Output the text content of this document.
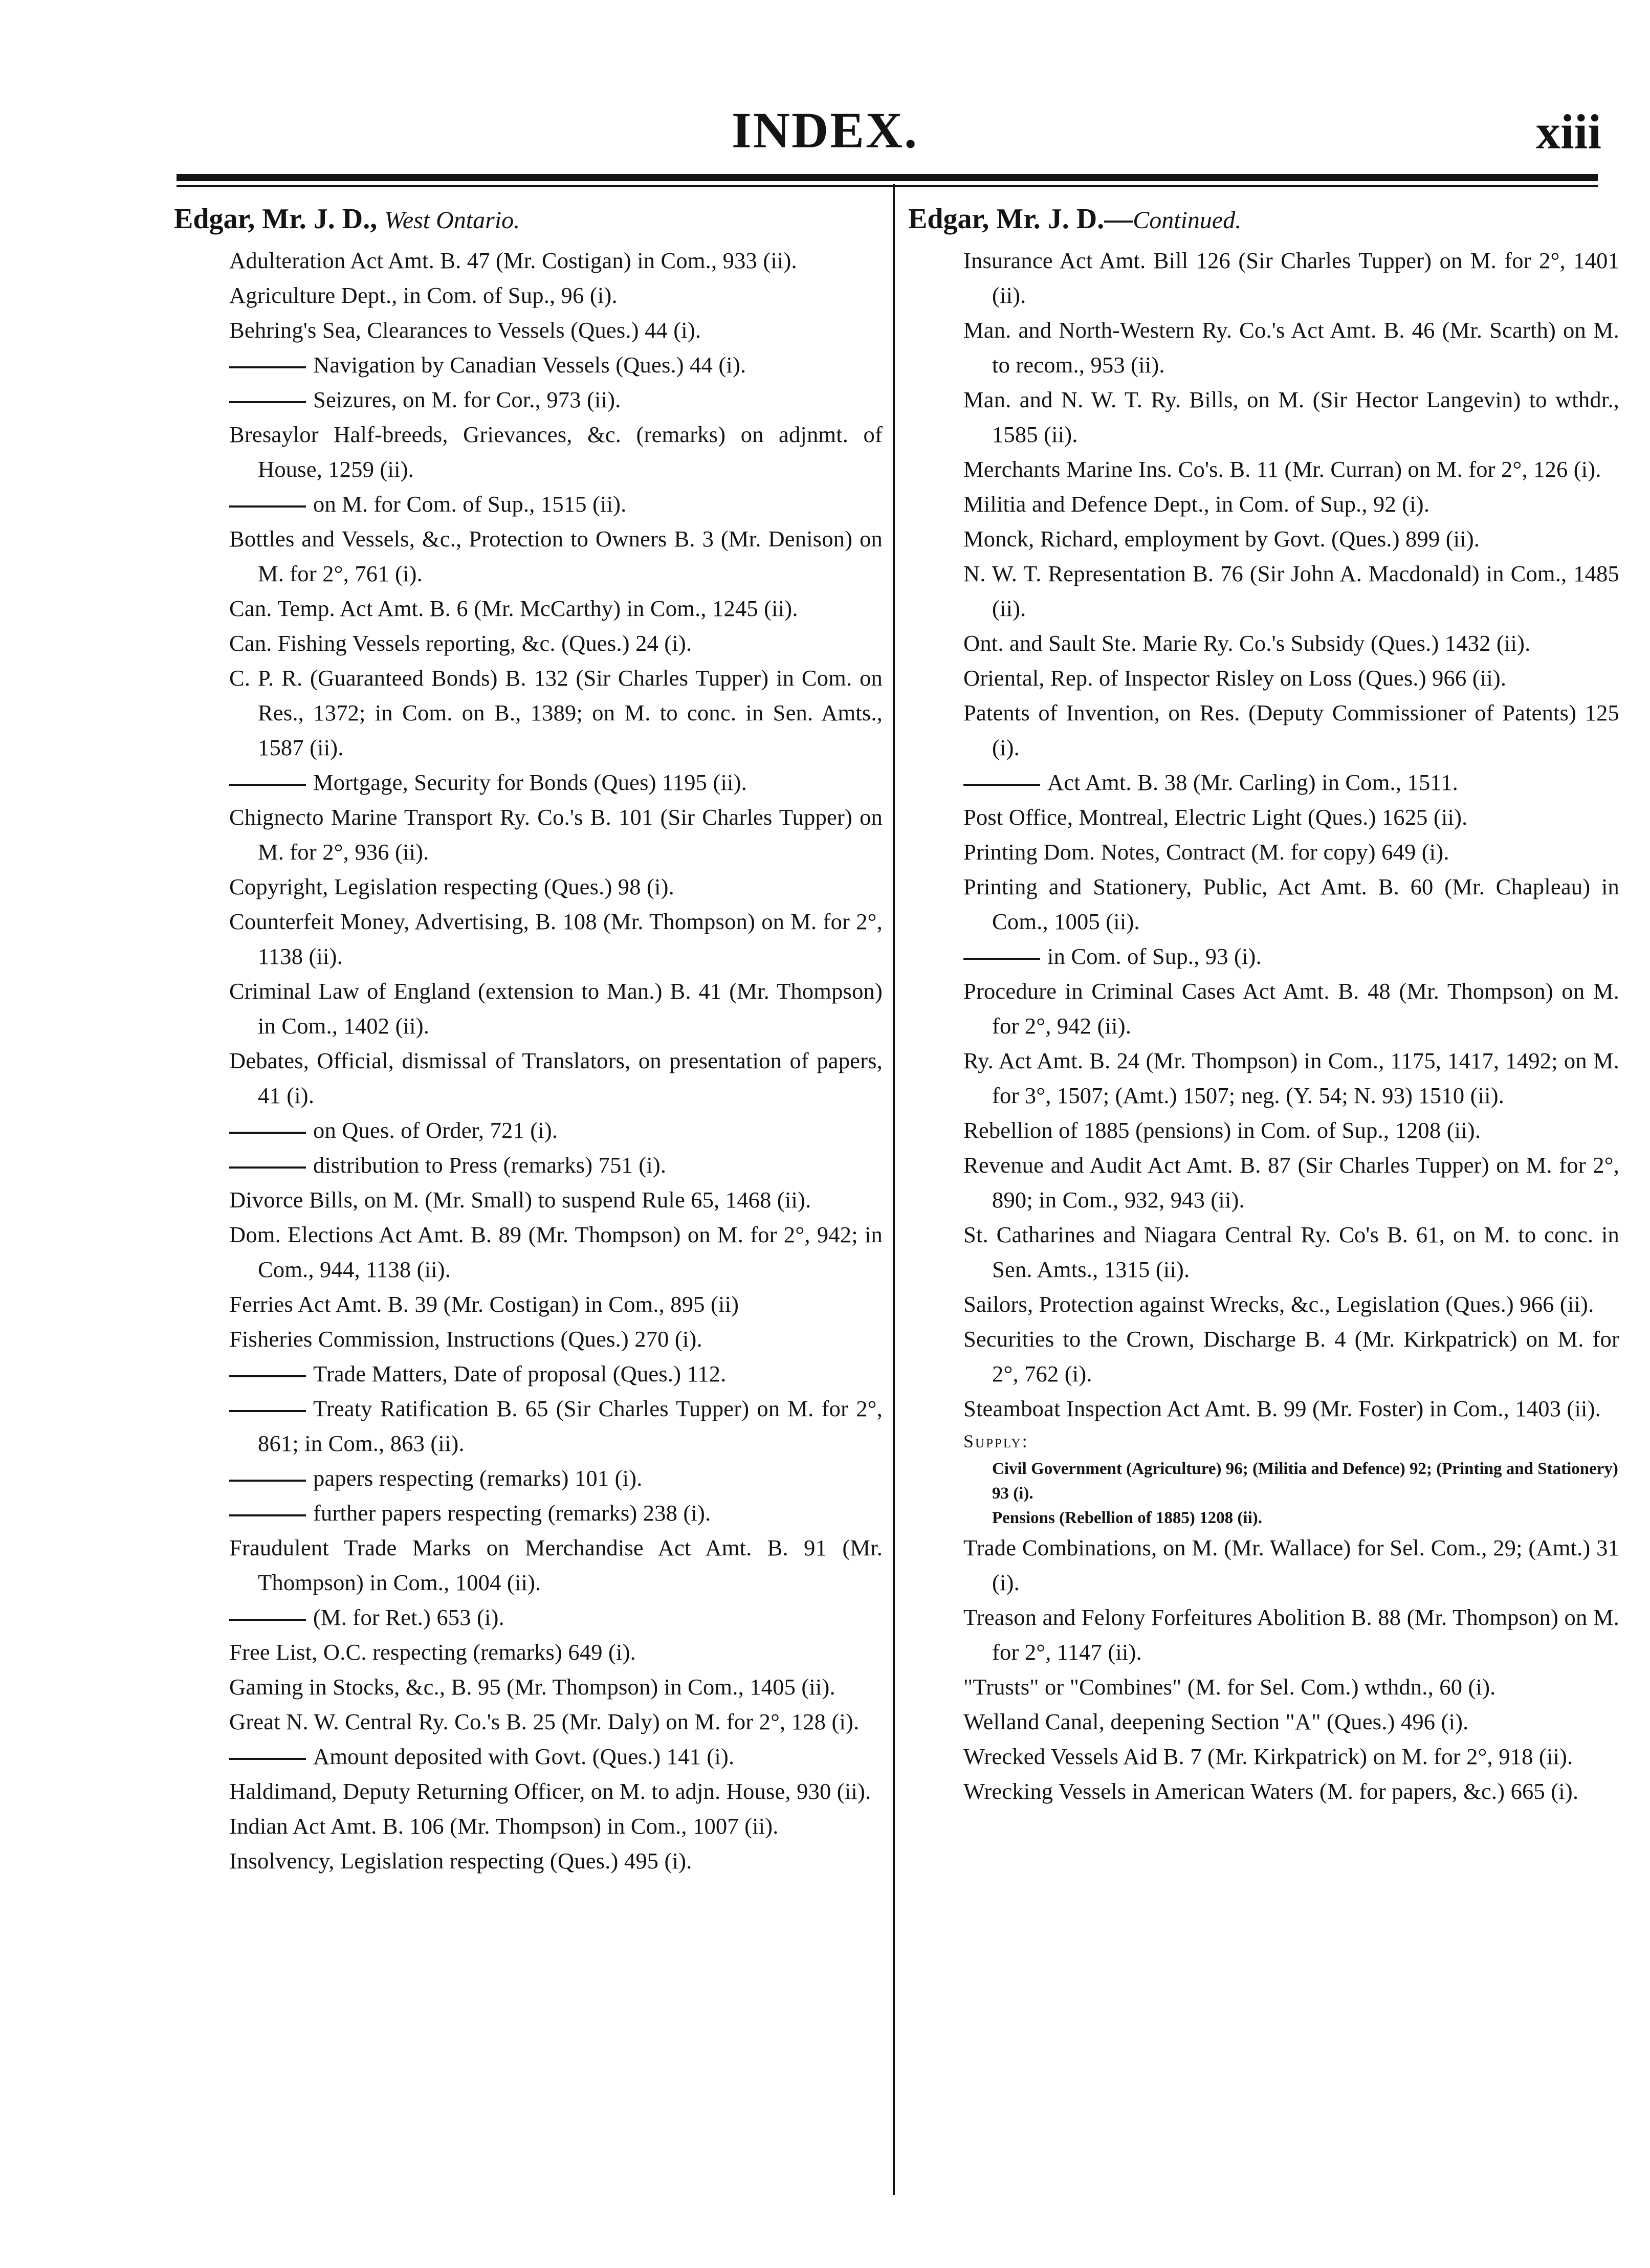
INDEX.	xiii
Edgar, Mr. J. D., West Ontario.
Adulteration Act Amt. B. 47 (Mr. Costigan) in Com., 933 (ii).
Agriculture Dept., in Com. of Sup., 96 (i).
Behring's Sea, Clearances to Vessels (Ques.) 44 (i).
Navigation by Canadian Vessels (Ques.) 44 (i).
Seizures, on M. for Cor., 973 (ii).
Bresaylor Half-breeds, Grievances, &c. (remarks) on adjnmt. of House, 1259 (ii).
on M. for Com. of Sup., 1515 (ii).
Bottles and Vessels, &c., Protection to Owners B. 3 (Mr. Denison) on M. for 2°, 761 (i).
Can. Temp. Act Amt. B. 6 (Mr. McCarthy) in Com., 1245 (ii).
Can. Fishing Vessels reporting, &c. (Ques.) 24 (i).
C. P. R. (Guaranteed Bonds) B. 132 (Sir Charles Tupper) in Com. on Res., 1372; in Com. on B., 1389; on M. to conc. in Sen. Amts., 1587 (ii).
Mortgage, Security for Bonds (Ques) 1195 (ii).
Chignecto Marine Transport Ry. Co.'s B. 101 (Sir Charles Tupper) on M. for 2°, 936 (ii).
Copyright, Legislation respecting (Ques.) 98 (i).
Counterfeit Money, Advertising, B. 108 (Mr. Thompson) on M. for 2°, 1138 (ii).
Criminal Law of England (extension to Man.) B. 41 (Mr. Thompson) in Com., 1402 (ii).
Debates, Official, dismissal of Translators, on presentation of papers, 41 (i).
on Ques. of Order, 721 (i).
distribution to Press (remarks) 751 (i).
Divorce Bills, on M. (Mr. Small) to suspend Rule 65, 1468 (ii).
Dom. Elections Act Amt. B. 89 (Mr. Thompson) on M. for 2°, 942; in Com., 944, 1138 (ii).
Ferries Act Amt. B. 39 (Mr. Costigan) in Com., 895 (ii)
Fisheries Commission, Instructions (Ques.) 270 (i).
Trade Matters, Date of proposal (Ques.) 112.
Treaty Ratification B. 65 (Sir Charles Tupper) on M. for 2°, 861; in Com., 863 (ii).
papers respecting (remarks) 101 (i).
further papers respecting (remarks) 238 (i).
Fraudulent Trade Marks on Merchandise Act Amt. B. 91 (Mr. Thompson) in Com., 1004 (ii).
(M. for Ret.) 653 (i).
Free List, O.C. respecting (remarks) 649 (i).
Gaming in Stocks, &c., B. 95 (Mr. Thompson) in Com., 1405 (ii).
Great N. W. Central Ry. Co.'s B. 25 (Mr. Daly) on M. for 2°, 128 (i).
Amount deposited with Govt. (Ques.) 141 (i).
Haldimand, Deputy Returning Officer, on M. to adjn. House, 930 (ii).
Indian Act Amt. B. 106 (Mr. Thompson) in Com., 1007 (ii).
Insolvency, Legislation respecting (Ques.) 495 (i).
Edgar, Mr. J. D.—Continued.
Insurance Act Amt. Bill 126 (Sir Charles Tupper) on M. for 2°, 1401 (ii).
Man. and North-Western Ry. Co.'s Act Amt. B. 46 (Mr. Scarth) on M. to recom., 953 (ii).
Man. and N. W. T. Ry. Bills, on M. (Sir Hector Langevin) to wthdr., 1585 (ii).
Merchants Marine Ins. Co's. B. 11 (Mr. Curran) on M. for 2°, 126 (i).
Militia and Defence Dept., in Com. of Sup., 92 (i).
Monck, Richard, employment by Govt. (Ques.) 899 (ii).
N. W. T. Representation B. 76 (Sir John A. Macdonald) in Com., 1485 (ii).
Ont. and Sault Ste. Marie Ry. Co.'s Subsidy (Ques.) 1432 (ii).
Oriental, Rep. of Inspector Risley on Loss (Ques.) 966 (ii).
Patents of Invention, on Res. (Deputy Commissioner of Patents) 125 (i).
Act Amt. B. 38 (Mr. Carling) in Com., 1511.
Post Office, Montreal, Electric Light (Ques.) 1625 (ii).
Printing Dom. Notes, Contract (M. for copy) 649 (i).
Printing and Stationery, Public, Act Amt. B. 60 (Mr. Chapleau) in Com., 1005 (ii).
in Com. of Sup., 93 (i).
Procedure in Criminal Cases Act Amt. B. 48 (Mr. Thompson) on M. for 2°, 942 (ii).
Ry. Act Amt. B. 24 (Mr. Thompson) in Com., 1175, 1417, 1492; on M. for 3°, 1507; (Amt.) 1507; neg. (Y. 54; N. 93) 1510 (ii).
Rebellion of 1885 (pensions) in Com. of Sup., 1208 (ii).
Revenue and Audit Act Amt. B. 87 (Sir Charles Tupper) on M. for 2°, 890; in Com., 932, 943 (ii).
St. Catharines and Niagara Central Ry. Co's B. 61, on M. to conc. in Sen. Amts., 1315 (ii).
Sailors, Protection against Wrecks, &c., Legislation (Ques.) 966 (ii).
Securities to the Crown, Discharge B. 4 (Mr. Kirkpatrick) on M. for 2°, 762 (i).
Steamboat Inspection Act Amt. B. 99 (Mr. Foster) in Com., 1403 (ii).
Supply:
Civil Government (Agriculture) 96; (Militia and Defence) 92; (Printing and Stationery) 93 (i).
Pensions (Rebellion of 1885) 1208 (ii).
Trade Combinations, on M. (Mr. Wallace) for Sel. Com., 29; (Amt.) 31 (i).
Treason and Felony Forfeitures Abolition B. 88 (Mr. Thompson) on M. for 2°, 1147 (ii).
"Trusts" or "Combines" (M. for Sel. Com.) wthdn., 60 (i).
Welland Canal, deepening Section "A" (Ques.) 496 (i).
Wrecked Vessels Aid B. 7 (Mr. Kirkpatrick) on M. for 2°, 918 (ii).
Wrecking Vessels in American Waters (M. for papers, &c.) 665 (i).
